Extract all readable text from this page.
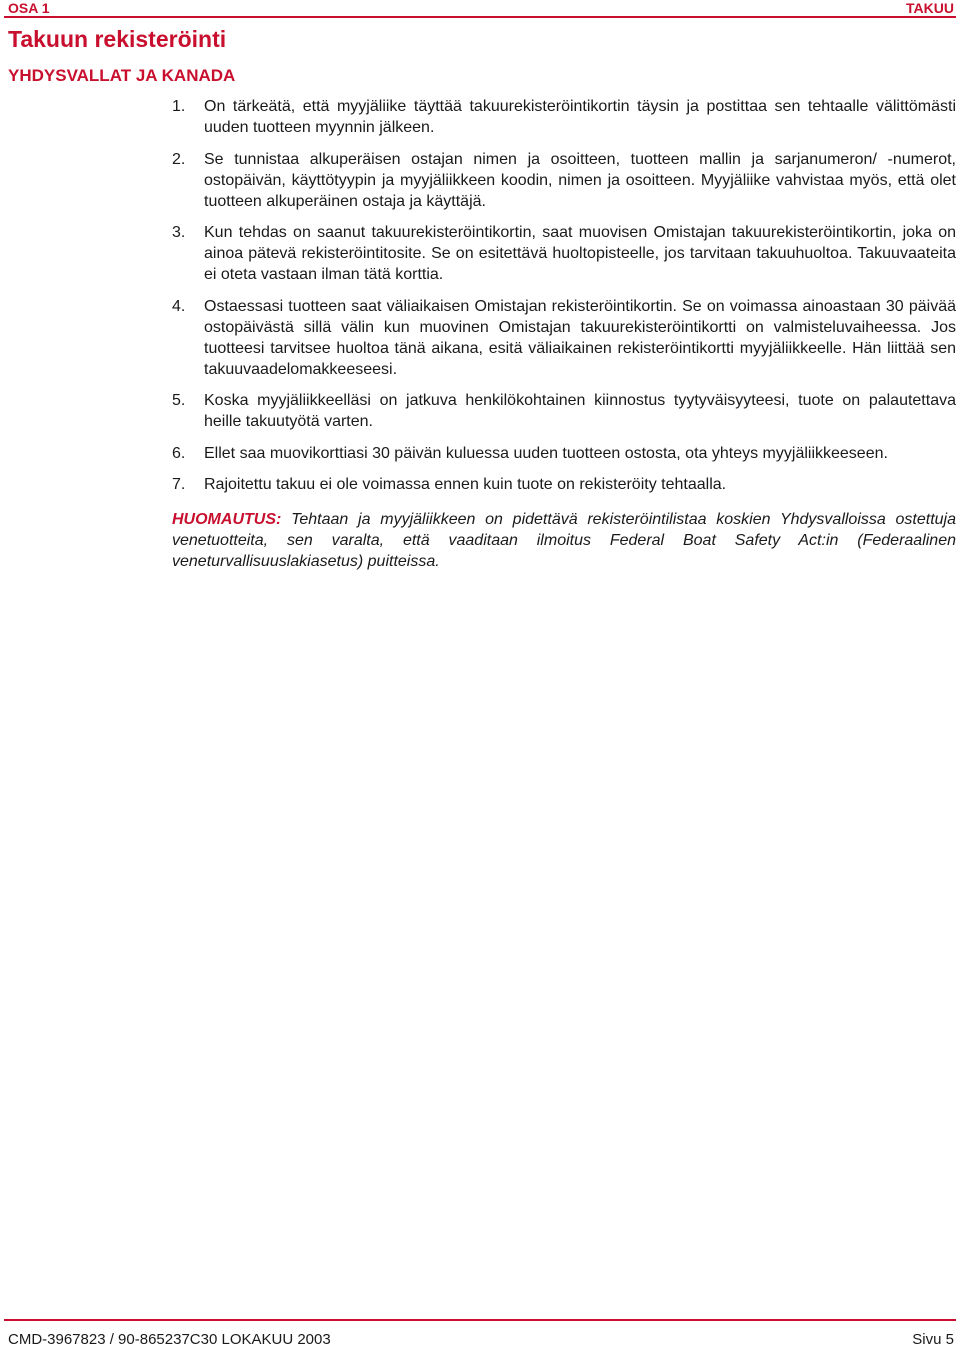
OSA 1	TAKUU
Takuun rekisteröinti
YHDYSVALLAT JA KANADA
1. On tärkeätä, että myyjäliike täyttää takuurekisteröintikortin täysin ja postittaa sen tehtaalle välittömästi uuden tuotteen myynnin jälkeen.
2. Se tunnistaa alkuperäisen ostajan nimen ja osoitteen, tuotteen mallin ja sarjanumeron/ -numerot, ostopäivän, käyttötyypin ja myyjäliikkeen koodin, nimen ja osoitteen. Myyjäliike vahvistaa myös, että olet tuotteen alkuperäinen ostaja ja käyttäjä.
3. Kun tehdas on saanut takuurekisteröintikortin, saat muovisen Omistajan takuurekisteröintikortin, joka on ainoa pätevä rekisteröintitosite. Se on esitettävä huoltopisteelle, jos tarvitaan takuuhuoltoa. Takuuvaateita ei oteta vastaan ilman tätä korttia.
4. Ostaessasi tuotteen saat väliaikaisen Omistajan rekisteröintikortin. Se on voimassa ainoastaan 30 päivää ostopäivästä sillä välin kun muovinen Omistajan takuurekisteröintikortti on valmisteluvaiheessa. Jos tuotteesi tarvitsee huoltoa tänä aikana, esitä väliaikainen rekisteröintikortti myyjäliikkeelle. Hän liittää sen takuuvaadelomakkeeseesi.
5. Koska myyjäliikkeelläsi on jatkuva henkilökohtainen kiinnostus tyytyväisyyteesi, tuote on palautettava heille takuutyötä varten.
6. Ellet saa muovikorttiasi 30 päivän kuluessa uuden tuotteen ostosta, ota yhteys myyjäliikkeeseen.
7. Rajoitettu takuu ei ole voimassa ennen kuin tuote on rekisteröity tehtaalla.

HUOMAUTUS: Tehtaan ja myyjäliikkeen on pidettävä rekisteröintilistaa koskien Yhdysvalloissa ostettuja venetuotteita, sen varalta, että vaaditaan ilmoitus Federal Boat Safety Act:in (Federaalinen veneturvallisuuslakiasetus) puitteissa.

CMD-3967823 / 90-865237C30 LOKAKUU 2003	Sivu 5
